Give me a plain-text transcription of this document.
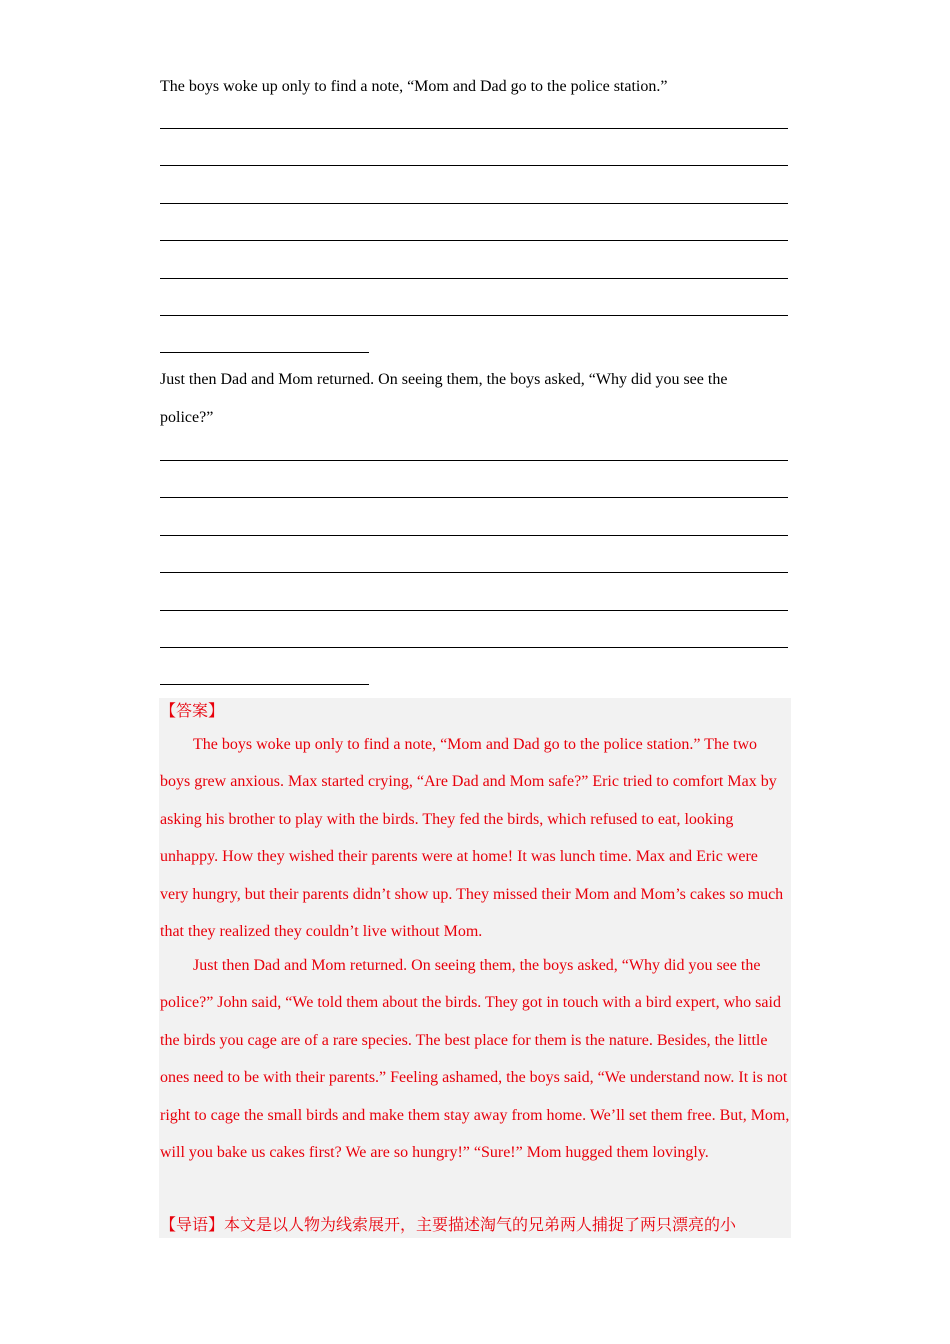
The boys woke up only to find a note, “Mom and Dad go to the police station.”

Just then Dad and Mom returned. On seeing them, the boys asked, “Why did you see the police?”

【答案】

The boys woke up only to find a note, “Mom and Dad go to the police station.” The two boys grew anxious. Max started crying, “Are Dad and Mom safe?” Eric tried to comfort Max by asking his brother to play with the birds. They fed the birds, which refused to eat, looking unhappy. How they wished their parents were at home! It was lunch time. Max and Eric were very hungry, but their parents didn’t show up. They missed their Mom and Mom’s cakes so much that they realized they couldn’t live without Mom.

Just then Dad and Mom returned. On seeing them, the boys asked, “Why did you see the police?” John said, “We told them about the birds. They got in touch with a bird expert, who said the birds you cage are of a rare species. The best place for them is the nature. Besides, the little ones need to be with their parents.” Feeling ashamed, the boys said, “We understand now. It is not right to cage the small birds and make them stay away from home. We’ll set them free. But, Mom, will you bake us cakes first? We are so hungry!” “Sure!” Mom hugged them lovingly.

【导语】本文是以人物为线索展开，主要描述淘气的兄弟两人捕捉了两只漂亮的小
